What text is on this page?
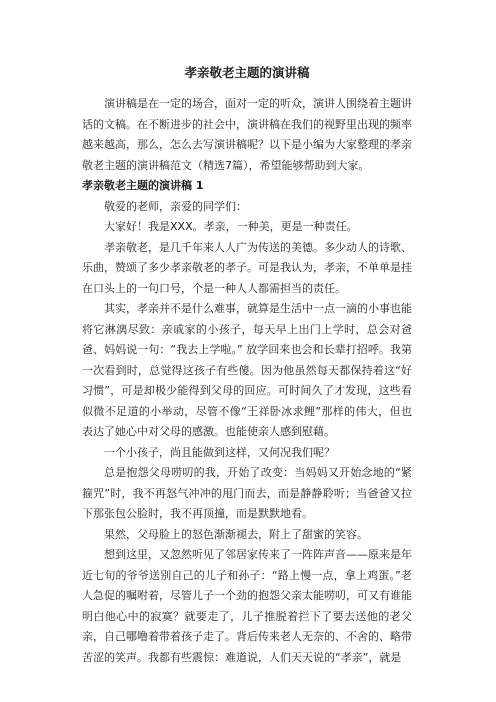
孝亲敬老主题的演讲稿

演讲稿是在一定的场合，面对一定的听众，演讲人围绕着主题讲话的文稿。在不断进步的社会中，演讲稿在我们的视野里出现的频率越来越高，那么，怎么去写演讲稿呢？以下是小编为大家整理的孝亲敬老主题的演讲稿范文（精选7篇），希望能够帮助到大家。

孝亲敬老主题的演讲稿 1

敬爱的老师，亲爱的同学们：

大家好！我是XXX。孝亲，一种美，更是一种责任。

孝亲敬老，是几千年来人人广为传送的美德。多少动人的诗歌、乐曲，赞颂了多少孝亲敬老的孝子。可是我认为，孝亲，不单单是挂在口头上的一句口号，个是一种人人都需担当的责任。

其实，孝亲并不是什么难事，就算是生活中一点一滴的小事也能将它淋漓尽致：亲戚家的小孩子，每天早上出门上学时，总会对爸爸、妈妈说一句：“我去上学啦。” 放学回来也会和长辈打招呼。我第一次看到时，总觉得这孩子有些傻。因为他虽然每天都保持着这“好习惯”，可是却极少能得到父母的回应。可时间久了才发现，这些看似微不足道的小举动，尽管不像“王祥卧冰求鲤”那样的伟大，但也表达了她心中对父母的感激。也能使亲人感到慰藉。

一个小孩子，尚且能做到这样，又何况我们呢？

总是抱怨父母唠叨的我，开始了改变：当妈妈又开始念地的“紧箍咒”时，我不再怒气冲冲的甩门而去，而是静静聆听；当爸爸又拉下那张包公脸时，我不再顶撞，而是默默地看。

果然，父母脸上的怒色渐渐褪去，附上了甜蜜的笑容。

想到这里，又忽然听见了邻居家传来了一阵阵声音——原来是年近七旬的爷爷送别自己的儿子和孙子：“路上慢一点，拿上鸡蛋。”老人急促的嘱咐着，尽管儿子一个劲的抱怨父亲太能唠叨，可又有谁能明白他心中的寂寞？就要走了，儿子推脱着拦下了要去送他的老父亲，自己哪噜着带着孩子走了。背后传来老人无奈的、不舍的、略带苦涩的笑声。我都有些震惊：难道说，人们天天说的“孝亲”，就是
